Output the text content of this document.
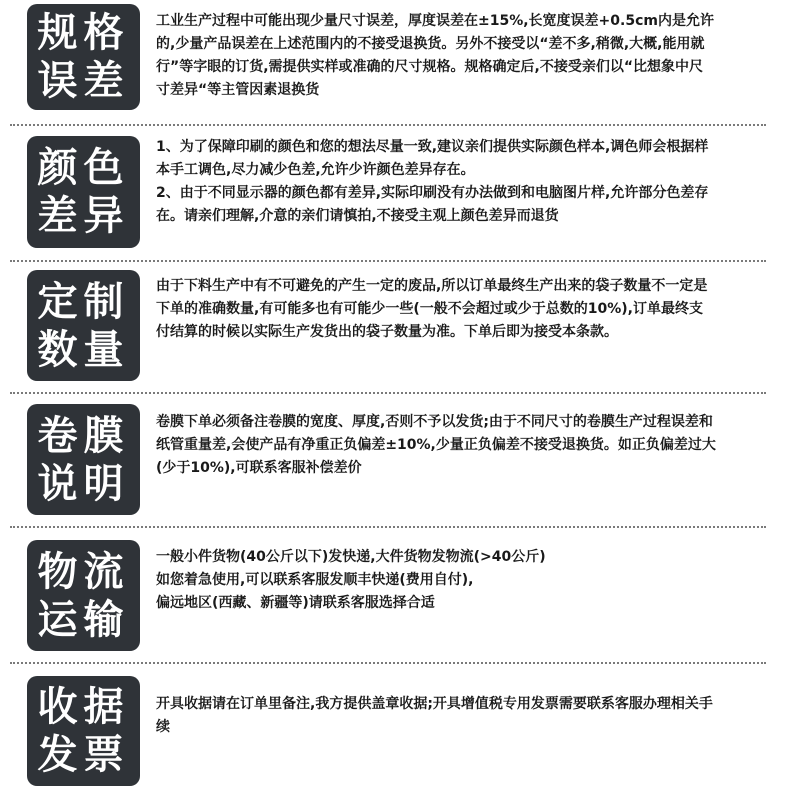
规格
误差

工业生产过程中可能出现少量尺寸误差，厚度误差在±15%,长宽度误差+0.5cm内是允许的,少量产品误差在上述范围内的不接受退换货。另外不接受以“差不多,稍微,大概,能用就行”等字眼的订货,需提供实样或准确的尺寸规格。规格确定后,不接受亲们以“比想象中尺寸差异“等主管因素退换货

颜色
差异

1、为了保障印刷的颜色和您的想法尽量一致,建议亲们提供实际颜色样本,调色师会根据样本手工调色,尽力减少色差,允许少许颜色差异存在。

2、由于不同显示器的颜色都有差异,实际印刷没有办法做到和电脑图片样,允许部分色差存在。请亲们理解,介意的亲们请慎拍,不接受主观上颜色差异而退货

定制
数量

由于下料生产中有不可避免的产生一定的废品,所以订单最终生产出来的袋子数量不一定是下单的准确数量,有可能多也有可能少一些(一般不会超过或少于总数的10%),订单最终支付结算的时候以实际生产发货出的袋子数量为准。下单后即为接受本条款。

卷膜
说明

卷膜下单必须备注卷膜的宽度、厚度,否则不予以发货;由于不同尺寸的卷膜生产过程误差和纸管重量差,会使产品有净重正负偏差±10%,少量正负偏差不接受退换货。如正负偏差过大(少于10%),可联系客服补偿差价

物流
运输

一般小件货物(40公斤以下)发快递,大件货物发物流(>40公斤)

如您着急使用,可以联系客服发顺丰快递(费用自付),

偏远地区(西藏、新疆等)请联系客服选择合适

收据
发票

开具收据请在订单里备注,我方提供盖章收据;开具增值税专用发票需要联系客服办理相关手续
